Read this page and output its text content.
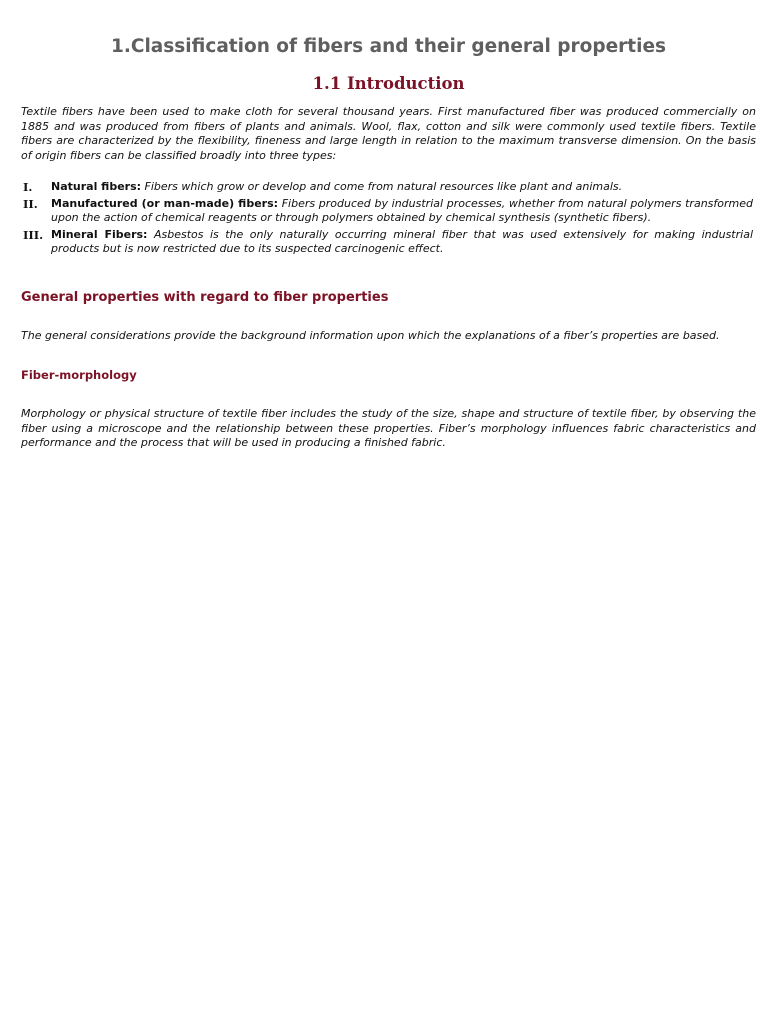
1.Classification of fibers and their general properties
1.1 Introduction

Textile fibers have been used to make cloth for several thousand years. First manufactured fiber was produced commercially on 1885 and was produced from fibers of plants and animals. Wool, flax, cotton and silk were commonly used textile fibers. Textile fibers are characterized by the flexibility, fineness and large length in relation to the maximum transverse dimension. On the basis of origin fibers can be classified broadly into three types:

I.	Natural fibers: Fibers which grow or develop and come from natural resources like plant and animals.
II.	Manufactured (or man-made) fibers: Fibers produced by industrial processes, whether from natural polymers transformed upon the action of chemical reagents or through polymers obtained by chemical synthesis (synthetic fibers).
III. Mineral Fibers: Asbestos is the only naturally occurring mineral fiber that was used extensively for making industrial products but is now restricted due to its suspected carcinogenic effect.
General properties with regard to fiber properties

The general considerations provide the background information upon which the explanations of a fiber’s properties are based.

Fiber-morphology

Morphology or physical structure of textile fiber includes the study of the size, shape and structure of textile fiber, by observing the fiber using a microscope and the relationship between these properties. Fiber’s morphology influences fabric characteristics and performance and the process that will be used in producing a finished fabric.
